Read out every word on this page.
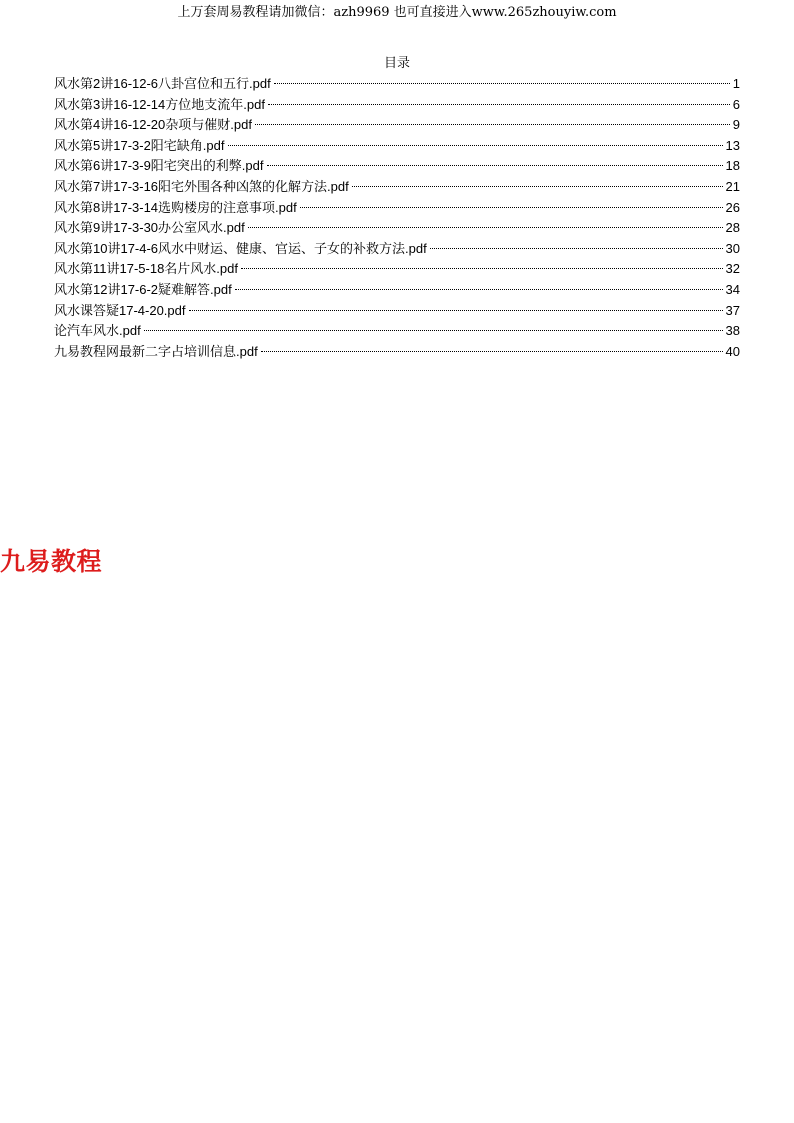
上万套周易教程请加微信：azh9969 也可直接进入www.265zhouyiw.com
目录
风水第2讲16-12-6八卦宫位和五行.pdf	1
风水第3讲16-12-14方位地支流年.pdf	6
风水第4讲16-12-20杂项与催财.pdf	9
风水第5讲17-3-2阳宅缺角.pdf	13
风水第6讲17-3-9阳宅突出的利弊.pdf	18
风水第7讲17-3-16阳宅外围各种凶煞的化解方法.pdf	21
风水第8讲17-3-14选购楼房的注意事项.pdf	26
风水第9讲17-3-30办公室风水.pdf	28
风水第10讲17-4-6风水中财运、健康、官运、子女的补救方法.pdf	30
风水第11讲17-5-18名片风水.pdf	32
风水第12讲17-6-2疑难解答.pdf	34
风水课答疑17-4-20.pdf	37
论汽车风水.pdf	38
九易教程网最新二字占培训信息.pdf	40
九易教程
